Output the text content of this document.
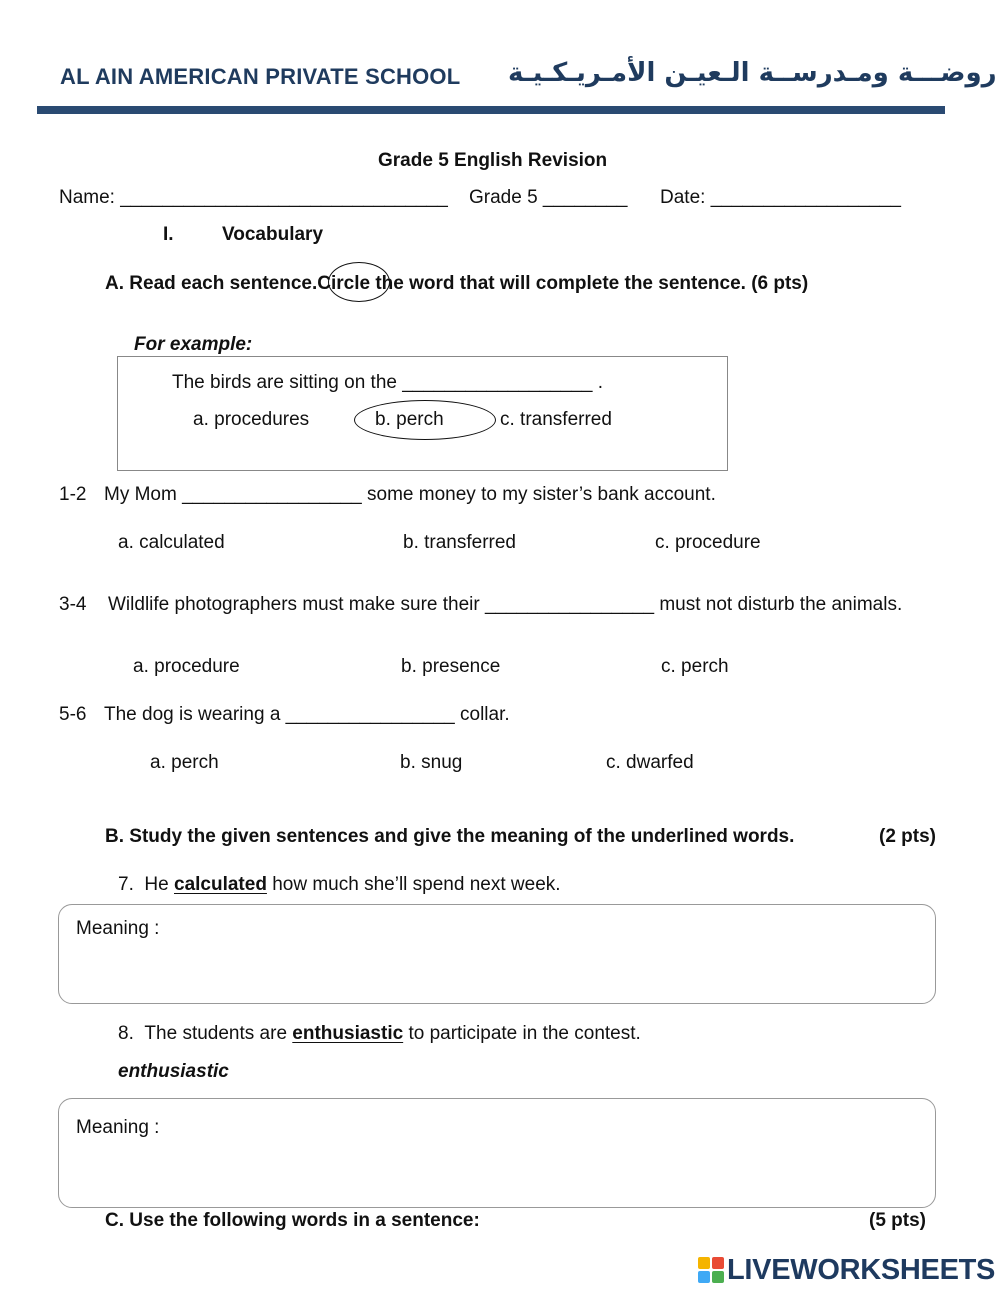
AL AIN AMERICAN PRIVATE SCHOOL روضـــة ومـدرســة الـعيـن الأمـريـكـيـة
Grade 5 English Revision
Name: _______________________________ Grade 5 ________ Date: __________________
I.	Vocabulary
A. Read each sentence.Circle the word that will complete the sentence. (6 pts)
For example:
The birds are sitting on the __________________ .
a. procedures	b. perch	c. transferred
1-2 My Mom _________________ some money to my sister’s bank account.
a. calculated	b. transferred	c. procedure
3-4 Wildlife photographers must make sure their ________________ must not disturb the animals.
a. procedure	b. presence	c. perch
5-6 The dog is wearing a ________________ collar.
a. perch	b. snug	c. dwarfed
B. Study the given sentences and give the meaning of the underlined words.	(2 pts)
7. He calculated how much she’ll spend next week.
Meaning :
8. The students are enthusiastic to participate in the contest.
enthusiastic
Meaning :
C. Use the following words in a sentence:	(5 pts)
LIVEWORKSHEETS
